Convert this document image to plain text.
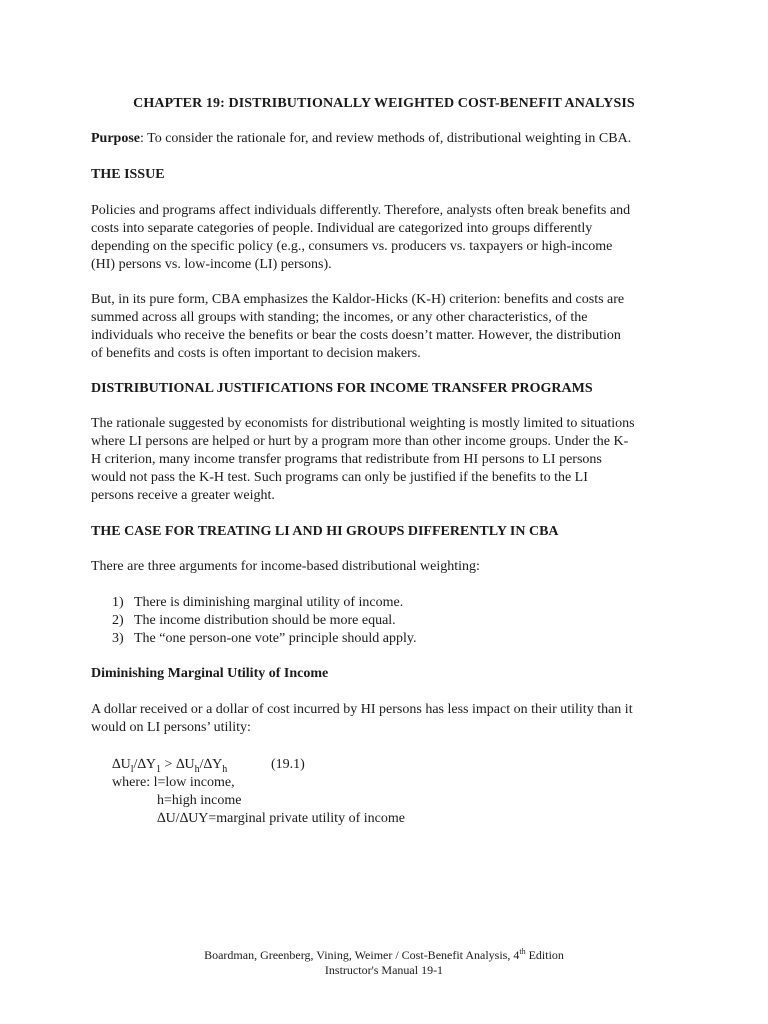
CHAPTER 19: DISTRIBUTIONALLY WEIGHTED COST-BENEFIT ANALYSIS
Purpose: To consider the rationale for, and review methods of, distributional weighting in CBA.
THE ISSUE
Policies and programs affect individuals differently. Therefore, analysts often break benefits and
costs into separate categories of people. Individual are categorized into groups differently
depending on the specific policy (e.g., consumers vs. producers vs. taxpayers or high-income
(HI) persons vs. low-income (LI) persons).
But, in its pure form, CBA emphasizes the Kaldor-Hicks (K-H) criterion: benefits and costs are
summed across all groups with standing; the incomes, or any other characteristics, of the
individuals who receive the benefits or bear the costs doesn’t matter. However, the distribution
of benefits and costs is often important to decision makers.
DISTRIBUTIONAL JUSTIFICATIONS FOR INCOME TRANSFER PROGRAMS
The rationale suggested by economists for distributional weighting is mostly limited to situations
where LI persons are helped or hurt by a program more than other income groups. Under the K-
H criterion, many income transfer programs that redistribute from HI persons to LI persons
would not pass the K-H test. Such programs can only be justified if the benefits to the LI
persons receive a greater weight.
THE CASE FOR TREATING LI AND HI GROUPS DIFFERENTLY IN CBA
There are three arguments for income-based distributional weighting:
1) There is diminishing marginal utility of income.
2) The income distribution should be more equal.
3) The “one person-one vote” principle should apply.
Diminishing Marginal Utility of Income
A dollar received or a dollar of cost incurred by HI persons has less impact on their utility than it
would on LI persons’ utility:
$\Delta U_l/\Delta Y_1 > \Delta U_h/\Delta Y_h$	(19.1)
where: l=low income,
h=high income
∆U/∆UY=marginal private utility of income
Boardman, Greenberg, Vining, Weimer / Cost-Benefit Analysis, 4th Edition
Instructor's Manual 19-1
